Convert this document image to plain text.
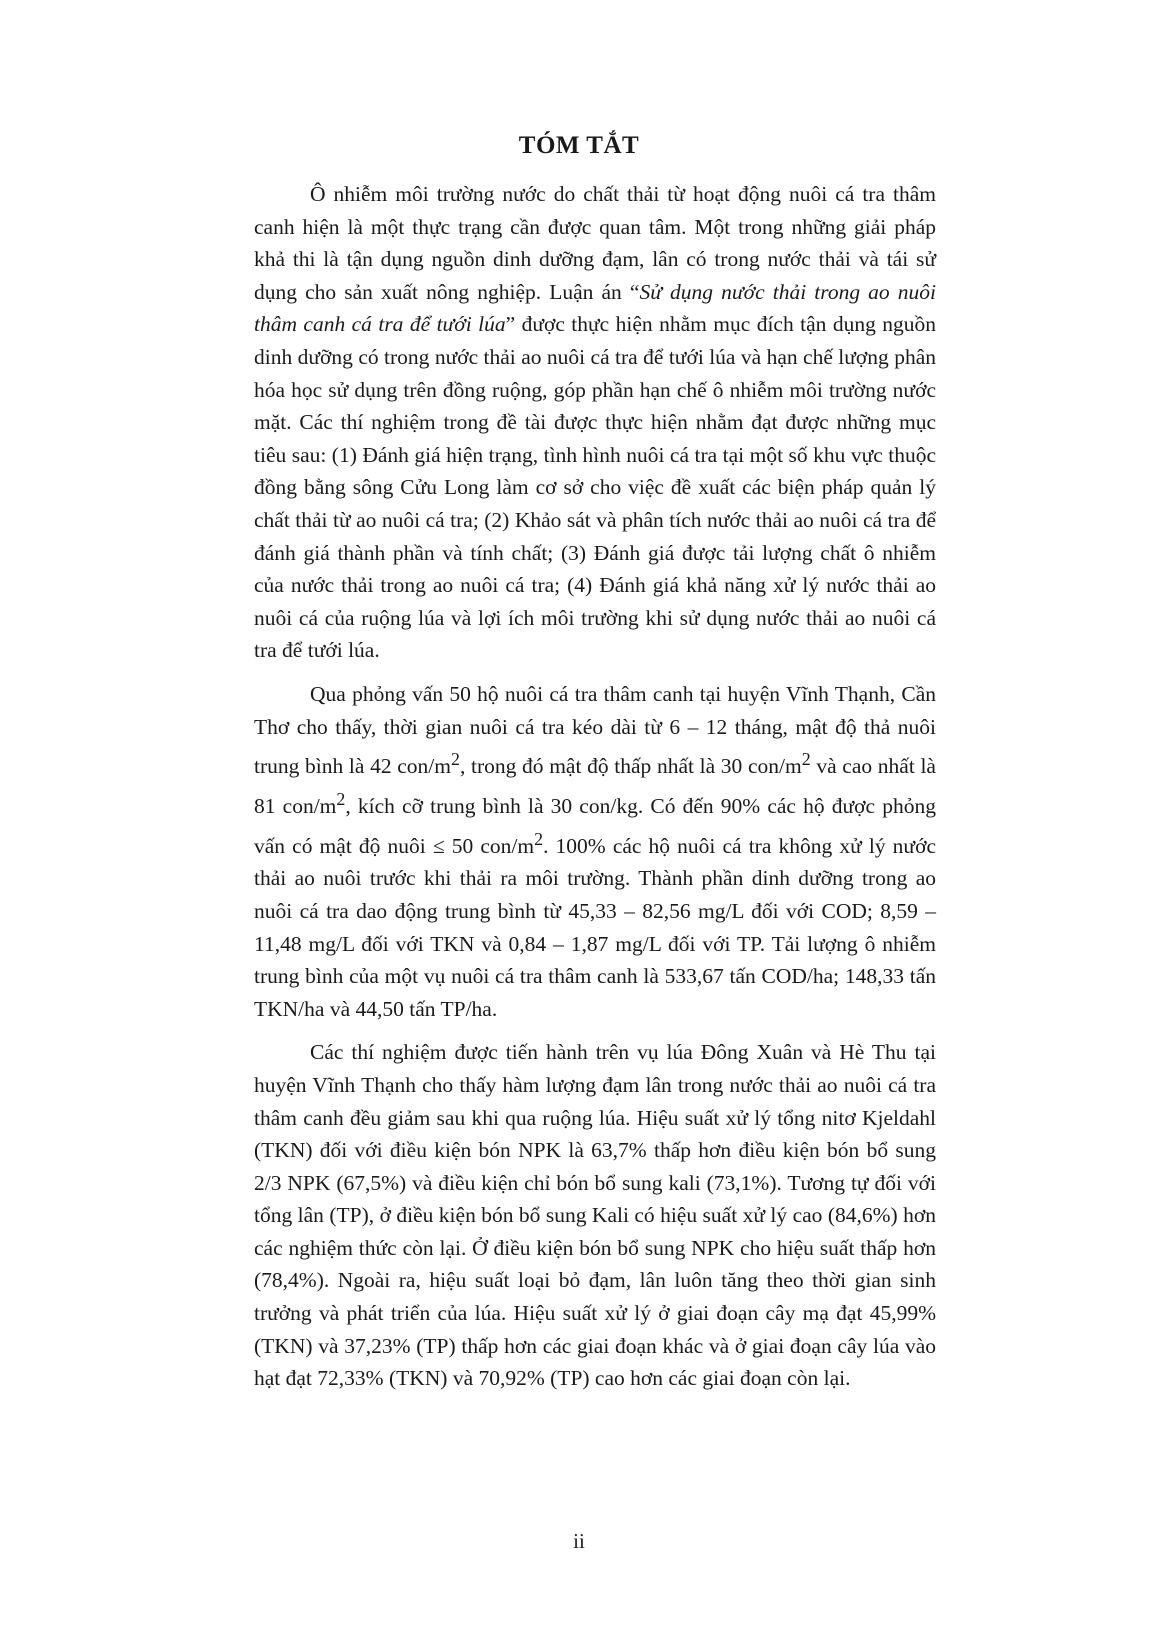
TÓM TẮT

Ô nhiễm môi trường nước do chất thải từ hoạt động nuôi cá tra thâm canh hiện là một thực trạng cần được quan tâm. Một trong những giải pháp khả thi là tận dụng nguồn dinh dưỡng đạm, lân có trong nước thải và tái sử dụng cho sản xuất nông nghiệp. Luận án “Sử dụng nước thải trong ao nuôi thâm canh cá tra để tưới lúa” được thực hiện nhằm mục đích tận dụng nguồn dinh dưỡng có trong nước thải ao nuôi cá tra để tưới lúa và hạn chế lượng phân hóa học sử dụng trên đồng ruộng, góp phần hạn chế ô nhiễm môi trường nước mặt. Các thí nghiệm trong đề tài được thực hiện nhằm đạt được những mục tiêu sau: (1) Đánh giá hiện trạng, tình hình nuôi cá tra tại một số khu vực thuộc đồng bằng sông Cửu Long làm cơ sở cho việc đề xuất các biện pháp quản lý chất thải từ ao nuôi cá tra; (2) Khảo sát và phân tích nước thải ao nuôi cá tra để đánh giá thành phần và tính chất; (3) Đánh giá được tải lượng chất ô nhiễm của nước thải trong ao nuôi cá tra; (4) Đánh giá khả năng xử lý nước thải ao nuôi cá của ruộng lúa và lợi ích môi trường khi sử dụng nước thải ao nuôi cá tra để tưới lúa.

Qua phỏng vấn 50 hộ nuôi cá tra thâm canh tại huyện Vĩnh Thạnh, Cần Thơ cho thấy, thời gian nuôi cá tra kéo dài từ 6 – 12 tháng, mật độ thả nuôi trung bình là 42 con/$m^2$, trong đó mật độ thấp nhất là 30 con/$m^2$ và cao nhất là 81 con/$m^2$, kích cỡ trung bình là 30 con/kg. Có đến 90% các hộ được phỏng vấn có mật độ nuôi ≤ 50 con/$m^2$. 100% các hộ nuôi cá tra không xử lý nước thải ao nuôi trước khi thải ra môi trường. Thành phần dinh dưỡng trong ao nuôi cá tra dao động trung bình từ 45,33 – 82,56 mg/L đối với COD; 8,59 – 11,48 mg/L đối với TKN và 0,84 – 1,87 mg/L đối với TP. Tải lượng ô nhiễm trung bình của một vụ nuôi cá tra thâm canh là 533,67 tấn COD/ha; 148,33 tấn TKN/ha và 44,50 tấn TP/ha.

Các thí nghiệm được tiến hành trên vụ lúa Đông Xuân và Hè Thu tại huyện Vĩnh Thạnh cho thấy hàm lượng đạm lân trong nước thải ao nuôi cá tra thâm canh đều giảm sau khi qua ruộng lúa. Hiệu suất xử lý tổng nitơ Kjeldahl (TKN) đối với điều kiện bón NPK là 63,7% thấp hơn điều kiện bón bổ sung 2/3 NPK (67,5%) và điều kiện chỉ bón bổ sung kali (73,1%). Tương tự đối với tổng lân (TP), ở điều kiện bón bổ sung Kali có hiệu suất xử lý cao (84,6%) hơn các nghiệm thức còn lại. Ở điều kiện bón bổ sung NPK cho hiệu suất thấp hơn (78,4%). Ngoài ra, hiệu suất loại bỏ đạm, lân luôn tăng theo thời gian sinh trưởng và phát triển của lúa. Hiệu suất xử lý ở giai đoạn cây mạ đạt 45,99% (TKN) và 37,23% (TP) thấp hơn các giai đoạn khác và ở giai đoạn cây lúa vào hạt đạt 72,33% (TKN) và 70,92% (TP) cao hơn các giai đoạn còn lại.

ii
